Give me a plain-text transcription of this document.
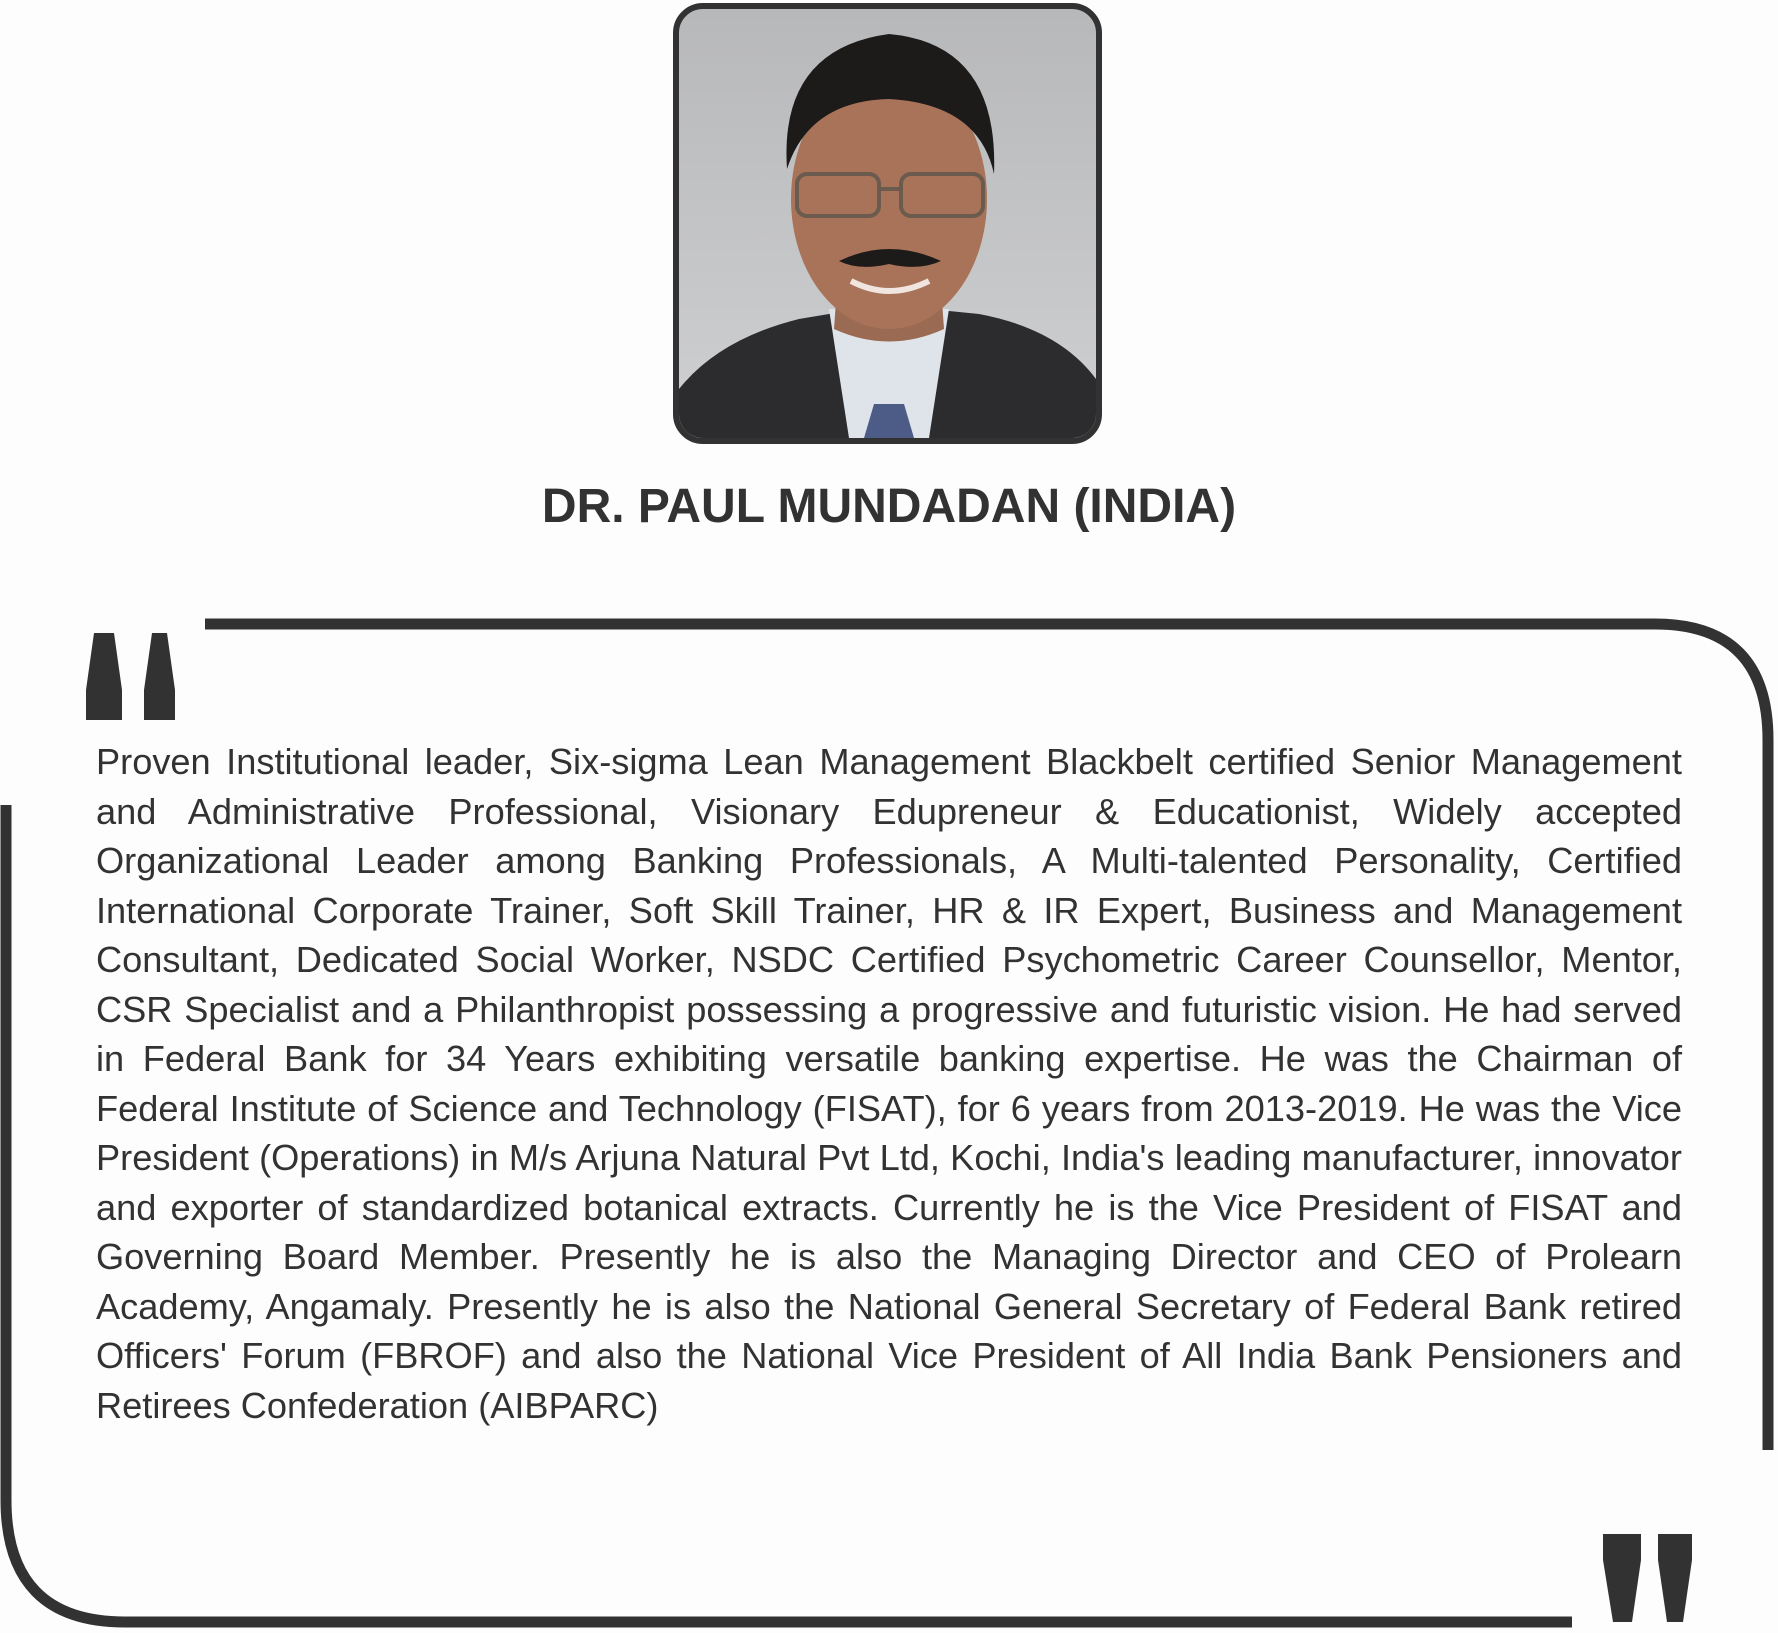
DR. PAUL MUNDADAN (INDIA)

Proven Institutional leader, Six-sigma Lean Management Blackbelt certified Senior Management and Administrative Professional, Visionary Edupreneur & Educationist, Widely accepted Organizational Leader among Banking Professionals, A Multi-talented Personality, Certified International Corporate Trainer, Soft Skill Trainer, HR & IR Expert, Business and Management Consultant, Dedicated Social Worker, NSDC Certified Psychometric Career Counsellor, Mentor, CSR Specialist and a Philanthropist possessing a progressive and futuristic vision. He had served in Federal Bank for 34 Years exhibiting versatile banking expertise. He was the Chairman of Federal Institute of Science and Technology (FISAT), for 6 years from 2013-2019. He was the Vice President (Operations) in M/s Arjuna Natural Pvt Ltd, Kochi, India's leading manufacturer, innovator and exporter of standardized botanical extracts. Currently he is the Vice President of FISAT and Governing Board Member. Presently he is also the Managing Director and CEO of Prolearn Academy, Angamaly. Presently he is also the National General Secretary of Federal Bank retired Officers' Forum (FBROF) and also the National Vice President of All India Bank Pensioners and Retirees Confederation (AIBPARC)
